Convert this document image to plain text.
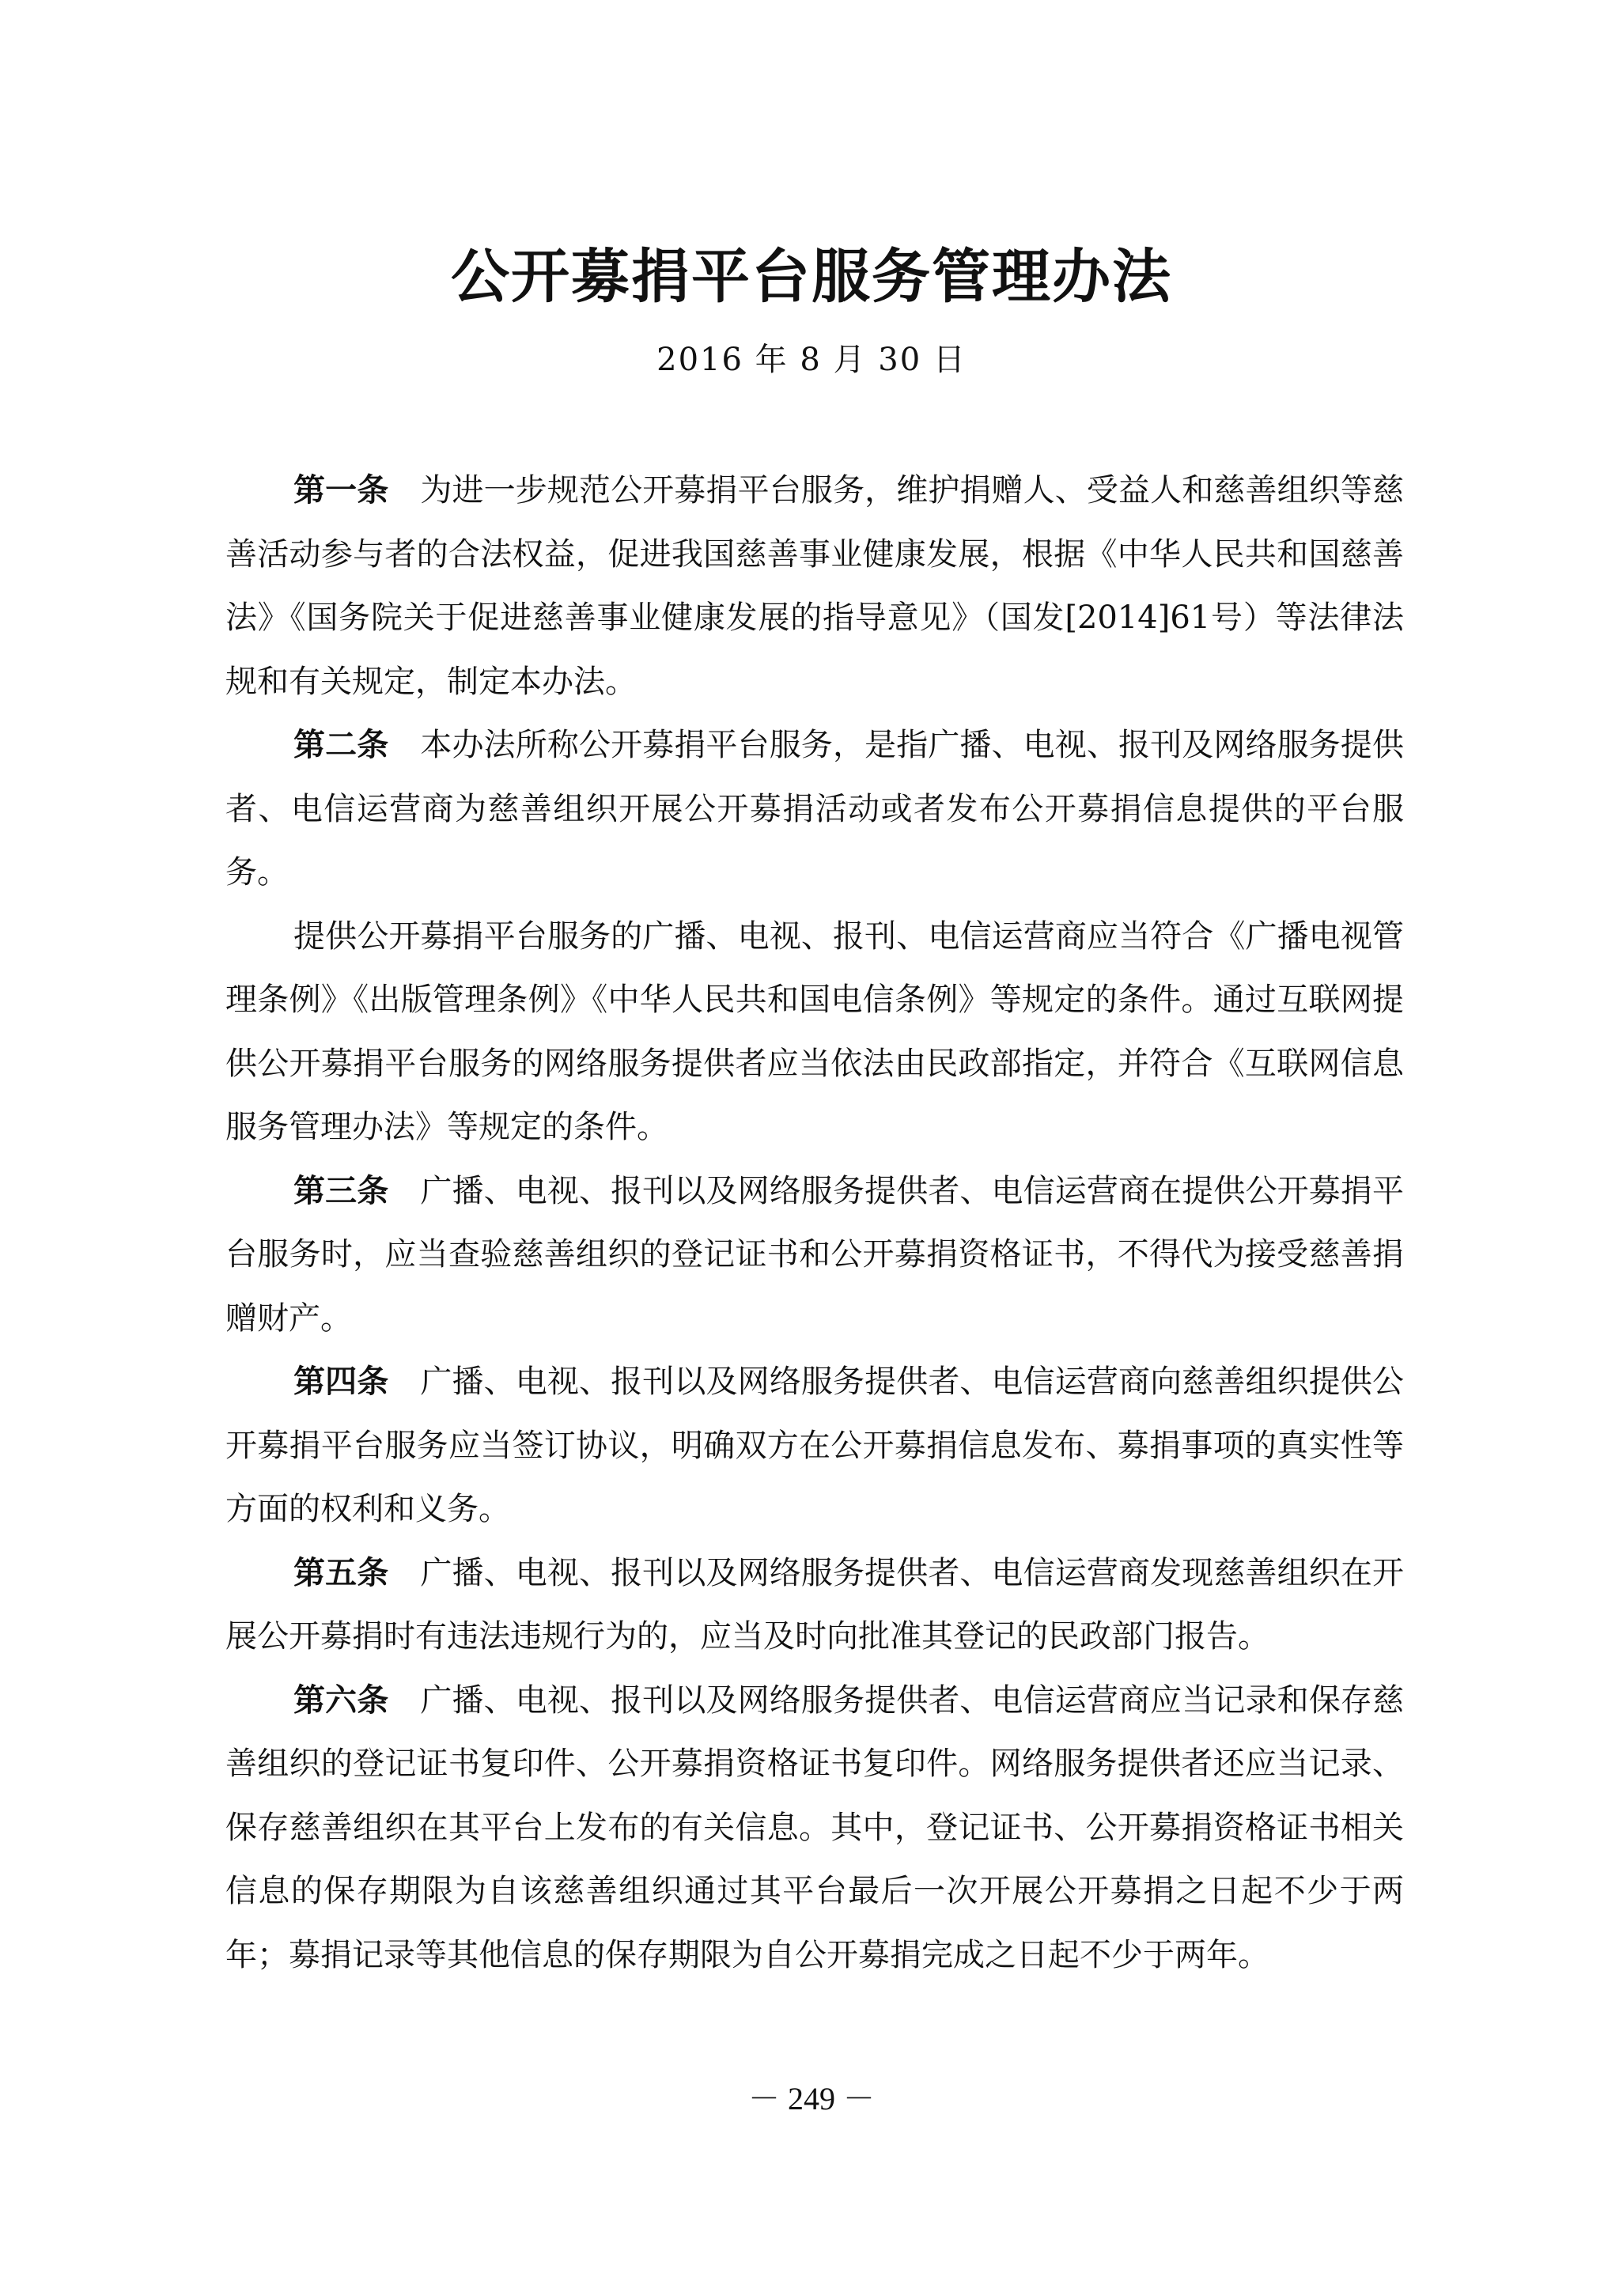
公开募捐平台服务管理办法
2016 年 8 月 30 日

第一条 为进一步规范公开募捐平台服务，维护捐赠人、受益人和慈善组织等慈善活动参与者的合法权益，促进我国慈善事业健康发展，根据《中华人民共和国慈善法》《国务院关于促进慈善事业健康发展的指导意见》（国发[2014]61号）等法律法规和有关规定，制定本办法。

第二条 本办法所称公开募捐平台服务，是指广播、电视、报刊及网络服务提供者、电信运营商为慈善组织开展公开募捐活动或者发布公开募捐信息提供的平台服务。

提供公开募捐平台服务的广播、电视、报刊、电信运营商应当符合《广播电视管理条例》《出版管理条例》《中华人民共和国电信条例》等规定的条件。通过互联网提供公开募捐平台服务的网络服务提供者应当依法由民政部指定，并符合《互联网信息服务管理办法》等规定的条件。

第三条 广播、电视、报刊以及网络服务提供者、电信运营商在提供公开募捐平台服务时，应当查验慈善组织的登记证书和公开募捐资格证书，不得代为接受慈善捐赠财产。

第四条 广播、电视、报刊以及网络服务提供者、电信运营商向慈善组织提供公开募捐平台服务应当签订协议，明确双方在公开募捐信息发布、募捐事项的真实性等方面的权利和义务。

第五条 广播、电视、报刊以及网络服务提供者、电信运营商发现慈善组织在开展公开募捐时有违法违规行为的，应当及时向批准其登记的民政部门报告。

第六条 广播、电视、报刊以及网络服务提供者、电信运营商应当记录和保存慈善组织的登记证书复印件、公开募捐资格证书复印件。网络服务提供者还应当记录、保存慈善组织在其平台上发布的有关信息。其中，登记证书、公开募捐资格证书相关信息的保存期限为自该慈善组织通过其平台最后一次开展公开募捐之日起不少于两年；募捐记录等其他信息的保存期限为自公开募捐完成之日起不少于两年。

－ 249 －
